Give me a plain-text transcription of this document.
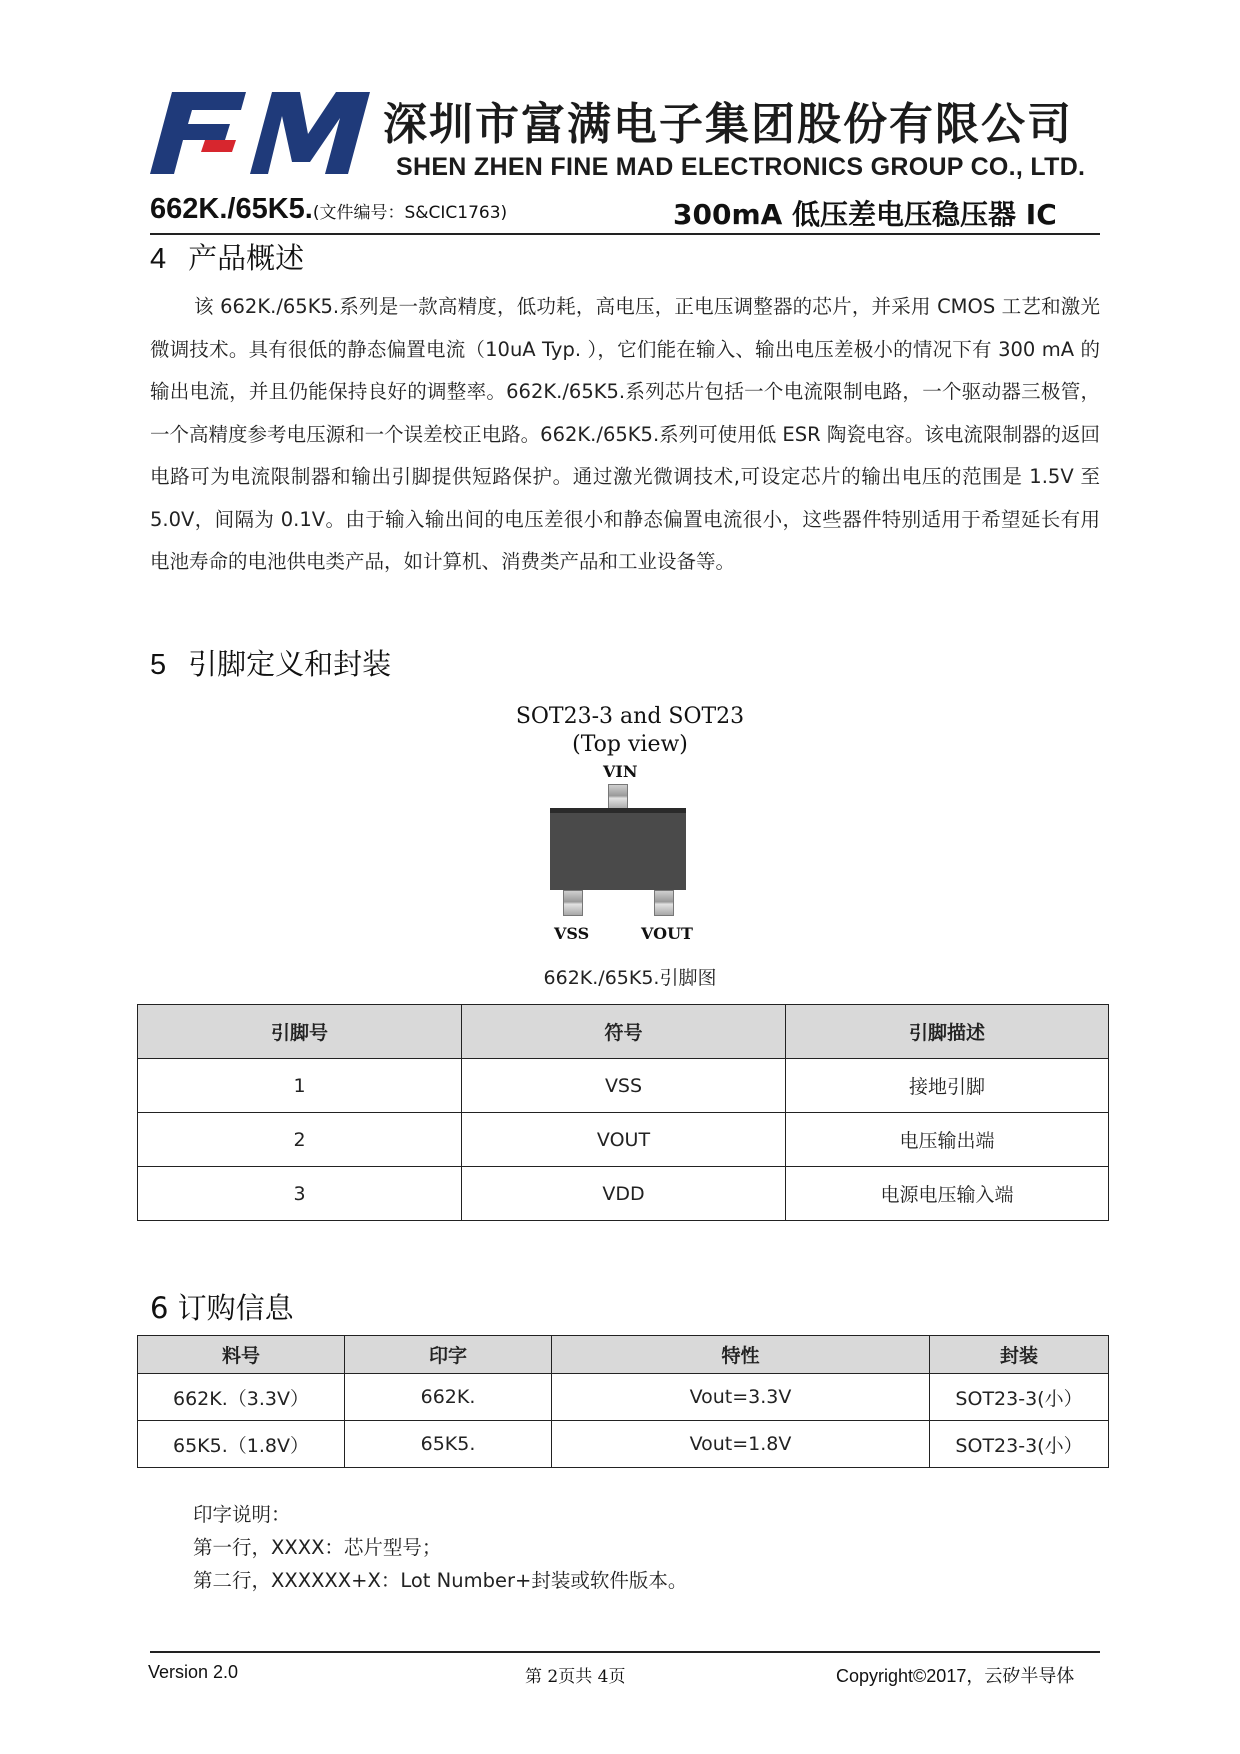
深圳市富满电子集团股份有限公司
SHEN ZHEN FINE MAD ELECTRONICS GROUP CO., LTD.
662K./65K5.(文件编号：S&CIC1763)	300mA 低压差电压稳压器 IC
4 产品概述
该 662K./65K5.系列是一款高精度，低功耗，高电压，正电压调整器的芯片，并采用 CMOS 工艺和激光微调技术。具有很低的静态偏置电流（10uA Typ. ），它们能在输入、输出电压差极小的情况下有 300 mA 的输出电流，并且仍能保持良好的调整率。662K./65K5.系列芯片包括一个电流限制电路，一个驱动器三极管，一个高精度参考电压源和一个误差校正电路。662K./65K5.系列可使用低 ESR 陶瓷电容。该电流限制器的返回电路可为电流限制器和输出引脚提供短路保护。通过激光微调技术,可设定芯片的输出电压的范围是 1.5V 至 5.0V，间隔为 0.1V。由于输入输出间的电压差很小和静态偏置电流很小，这些器件特别适用于希望延长有用电池寿命的电池供电类产品，如计算机、消费类产品和工业设备等。
5 引脚定义和封装
SOT23-3 and SOT23
(Top view)
VIN
VSS	VOUT
662K./65K5.引脚图
引脚号	符号	引脚描述
1	VSS	接地引脚
2	VOUT	电压输出端
3	VDD	电源电压输入端
6 订购信息
料号	印字	特性	封装
662K.（3.3V）	662K.	Vout=3.3V	SOT23-3(小）
65K5.（1.8V）	65K5.	Vout=1.8V	SOT23-3(小）
印字说明：
第一行，XXXX：芯片型号；
第二行，XXXXXX+X：Lot Number+封装或软件版本。
Version 2.0	第 2页共 4页	Copyright©2017，云矽半导体
